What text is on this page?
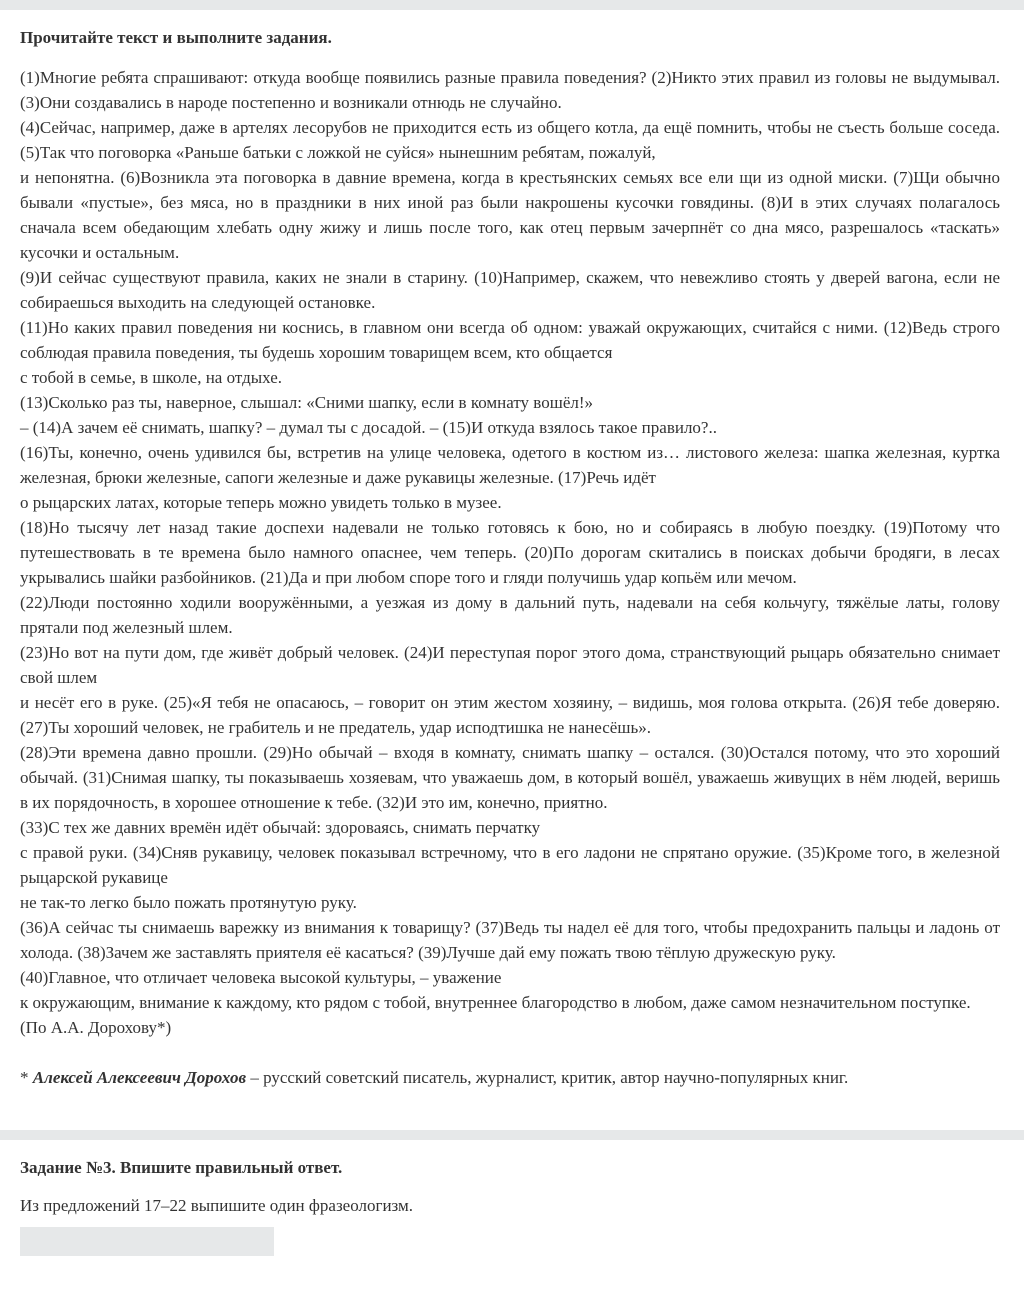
Прочитайте текст и выполните задания.

(1)Многие ребята спрашивают: откуда вообще появились разные правила поведения? (2)Никто этих правил из головы не выдумывал. (3)Они создавались в народе постепенно и возникали отнюдь не случайно.

(4)Сейчас, например, даже в артелях лесорубов не приходится есть из общего котла, да ещё помнить, чтобы не съесть больше соседа. (5)Так что поговорка «Раньше батьки с ложкой не суйся» нынешним ребятам, пожалуй,

и непонятна. (6)Возникла эта поговорка в давние времена, когда в крестьянских семьях все ели щи из одной миски. (7)Щи обычно бывали «пустые», без мяса, но в праздники в них иной раз были накрошены кусочки говядины. (8)И в этих случаях полагалось сначала всем обедающим хлебать одну жижу и лишь после того, как отец первым зачерпнёт со дна мясо, разрешалось «таскать» кусочки и остальным.

(9)И сейчас существуют правила, каких не знали в старину. (10)Например, скажем, что невежливо стоять у дверей вагона, если не собираешься выходить на следующей остановке.

(11)Но каких правил поведения ни коснись, в главном они всегда об одном: уважай окружающих, считайся с ними. (12)Ведь строго соблюдая правила поведения, ты будешь хорошим товарищем всем, кто общается

с тобой в семье, в школе, на отдыхе.

(13)Сколько раз ты, наверное, слышал: «Сними шапку, если в комнату вошёл!»

– (14)А зачем её снимать, шапку? – думал ты с досадой. – (15)И откуда взялось такое правило?..

(16)Ты, конечно, очень удивился бы, встретив на улице человека, одетого в костюм из… листового железа: шапка железная, куртка железная, брюки железные, сапоги железные и даже рукавицы железные. (17)Речь идёт

о рыцарских латах, которые теперь можно увидеть только в музее.

(18)Но тысячу лет назад такие доспехи надевали не только готовясь к бою, но и собираясь в любую поездку. (19)Потому что путешествовать в те времена было намного опаснее, чем теперь. (20)По дорогам скитались в поисках добычи бродяги, в лесах укрывались шайки разбойников. (21)Да и при любом споре того и гляди получишь удар копьём или мечом.

(22)Люди постоянно ходили вооружёнными, а уезжая из дому в дальний путь, надевали на себя кольчугу, тяжёлые латы, голову прятали под железный шлем.

(23)Но вот на пути дом, где живёт добрый человек. (24)И переступая порог этого дома, странствующий рыцарь обязательно снимает свой шлем

и несёт его в руке. (25)«Я тебя не опасаюсь, – говорит он этим жестом хозяину, – видишь, моя голова открыта. (26)Я тебе доверяю. (27)Ты хороший человек, не грабитель и не предатель, удар исподтишка не нанесёшь».

(28)Эти времена давно прошли. (29)Но обычай – входя в комнату, снимать шапку – остался. (30)Остался потому, что это хороший обычай. (31)Снимая шапку, ты показываешь хозяевам, что уважаешь дом, в который вошёл, уважаешь живущих в нём людей, веришь в их порядочность, в хорошее отношение к тебе. (32)И это им, конечно, приятно.

(33)С тех же давних времён идёт обычай: здороваясь, снимать перчатку

с правой руки. (34)Сняв рукавицу, человек показывал встречному, что в его ладони не спрятано оружие. (35)Кроме того, в железной рыцарской рукавице

не так-то легко было пожать протянутую руку.

(36)А сейчас ты снимаешь варежку из внимания к товарищу? (37)Ведь ты надел её для того, чтобы предохранить пальцы и ладонь от холода. (38)Зачем же заставлять приятеля её касаться? (39)Лучше дай ему пожать твою тёплую дружескую руку.

(40)Главное, что отличает человека высокой культуры, – уважение

к окружающим, внимание к каждому, кто рядом с тобой, внутреннее благородство в любом, даже самом незначительном поступке.

(По А.А. Дорохову*)

* Алексей Алексеевич Дорохов – русский советский писатель, журналист, критик, автор научно-популярных книг.

Задание №3. Впишите правильный ответ.
Из предложений 17–22 выпишите один фразеологизм.
